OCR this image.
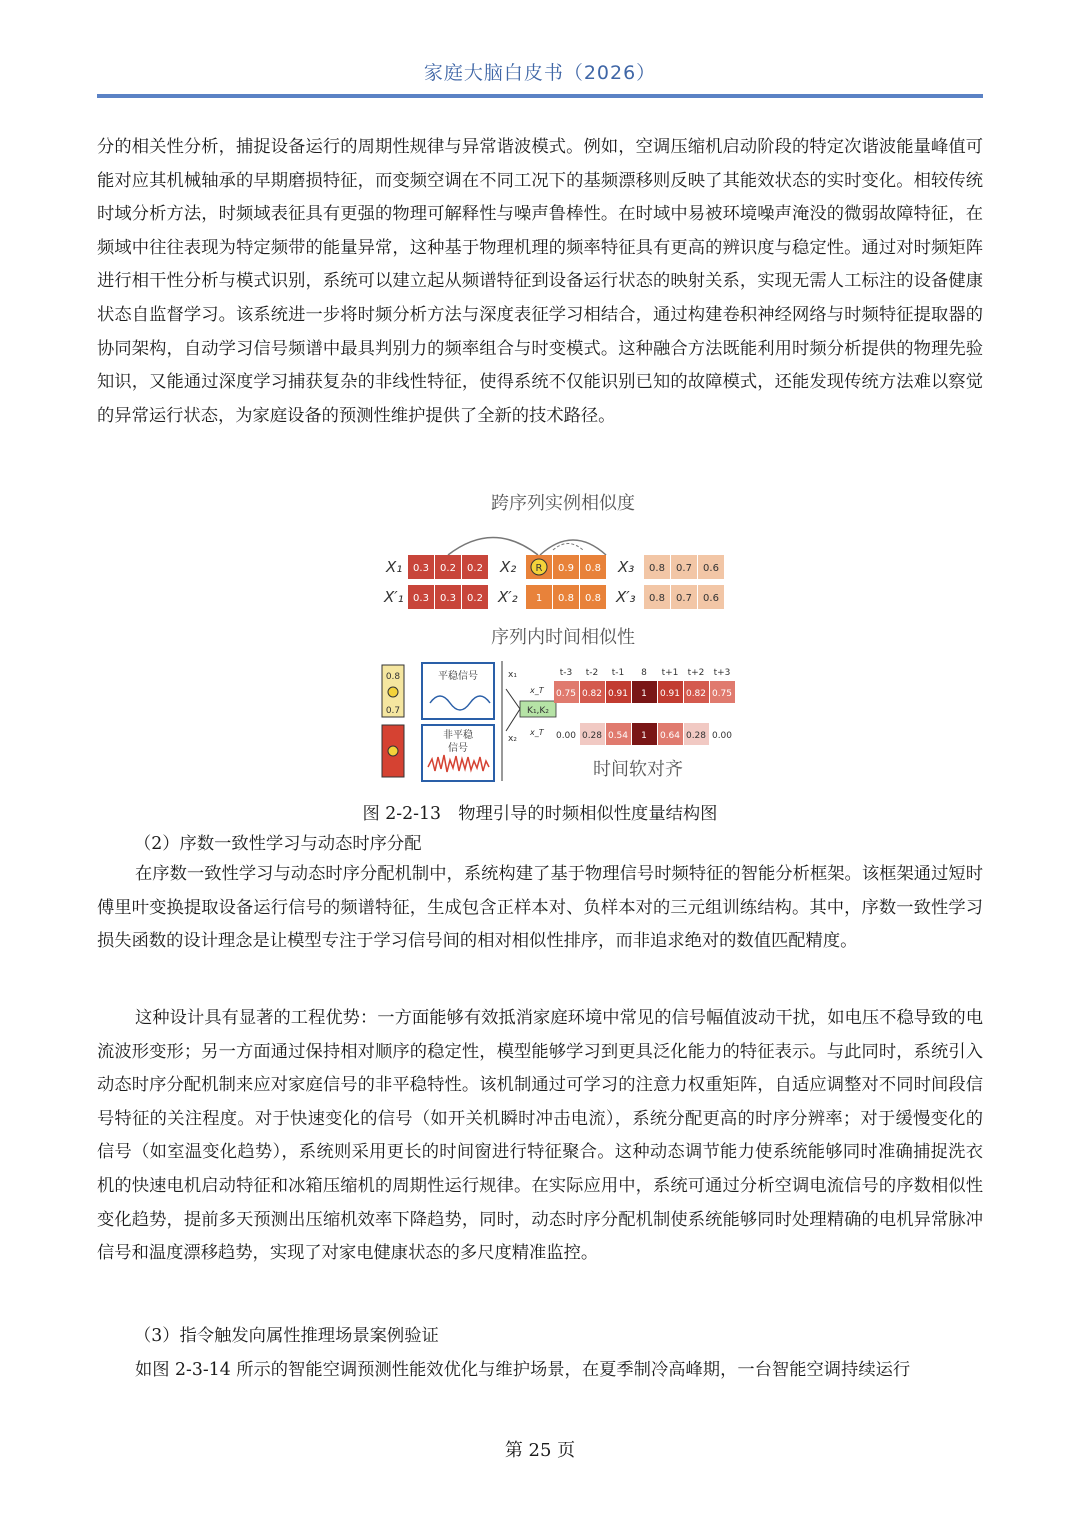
家庭大脑白皮书（2026）
分的相关性分析，捕捉设备运行的周期性规律与异常谐波模式。例如，空调压缩机启动阶段的特定次谐波能量峰值可能对应其机械轴承的早期磨损特征，而变频空调在不同工况下的基频漂移则反映了其能效状态的实时变化。相较传统时域分析方法，时频域表征具有更强的物理可解释性与噪声鲁棒性。在时域中易被环境噪声淹没的微弱故障特征，在频域中往往表现为特定频带的能量异常，这种基于物理机理的频率特征具有更高的辨识度与稳定性。通过对时频矩阵进行相干性分析与模式识别，系统可以建立起从频谱特征到设备运行状态的映射关系，实现无需人工标注的设备健康状态自监督学习。该系统进一步将时频分析方法与深度表征学习相结合，通过构建卷积神经网络与时频特征提取器的协同架构，自动学习信号频谱中最具判别力的频率组合与时变模式。这种融合方法既能利用时频分析提供的物理先验知识，又能通过深度学习捕获复杂的非线性特征，使得系统不仅能识别已知的故障模式，还能发现传统方法难以察觉的异常运行状态，为家庭设备的预测性维护提供了全新的技术路径。
跨序列实例相似度
X₁ 0.3 0.2 0.2 X₂ R 0.9 0.8 X₃ 0.8 0.7 0.6
X′₁ 0.3 0.3 0.2 X′₂ 1 0.8 0.8 X′₃ 0.8 0.7 0.6
序列内时间相似性
0.8
0.7
平稳信号
非平稳
信号
x₁
x₂
K₁,K₂
x_T
x_T
t-3 t-2 t-1 8 t+1 t+2 t+3
0.75 0.82 0.91 1 0.91 0.82 0.75
0.00 0.28 0.54 1 0.64 0.28 0.00
时间软对齐
图 2-2-13　物理引导的时频相似性度量结构图
（2）序数一致性学习与动态时序分配
在序数一致性学习与动态时序分配机制中，系统构建了基于物理信号时频特征的智能分析框架。该框架通过短时傅里叶变换提取设备运行信号的频谱特征，生成包含正样本对、负样本对的三元组训练结构。其中，序数一致性学习损失函数的设计理念是让模型专注于学习信号间的相对相似性排序，而非追求绝对的数值匹配精度。
这种设计具有显著的工程优势：一方面能够有效抵消家庭环境中常见的信号幅值波动干扰，如电压不稳导致的电流波形变形；另一方面通过保持相对顺序的稳定性，模型能够学习到更具泛化能力的特征表示。与此同时，系统引入动态时序分配机制来应对家庭信号的非平稳特性。该机制通过可学习的注意力权重矩阵，自适应调整对不同时间段信号特征的关注程度。对于快速变化的信号（如开关机瞬时冲击电流），系统分配更高的时序分辨率；对于缓慢变化的信号（如室温变化趋势），系统则采用更长的时间窗进行特征聚合。这种动态调节能力使系统能够同时准确捕捉洗衣机的快速电机启动特征和冰箱压缩机的周期性运行规律。在实际应用中，系统可通过分析空调电流信号的序数相似性变化趋势，提前多天预测出压缩机效率下降趋势，同时，动态时序分配机制使系统能够同时处理精确的电机异常脉冲信号和温度漂移趋势，实现了对家电健康状态的多尺度精准监控。
（3）指令触发向属性推理场景案例验证
如图 2-3-14 所示的智能空调预测性能效优化与维护场景，在夏季制冷高峰期，一台智能空调持续运行
第 25 页
